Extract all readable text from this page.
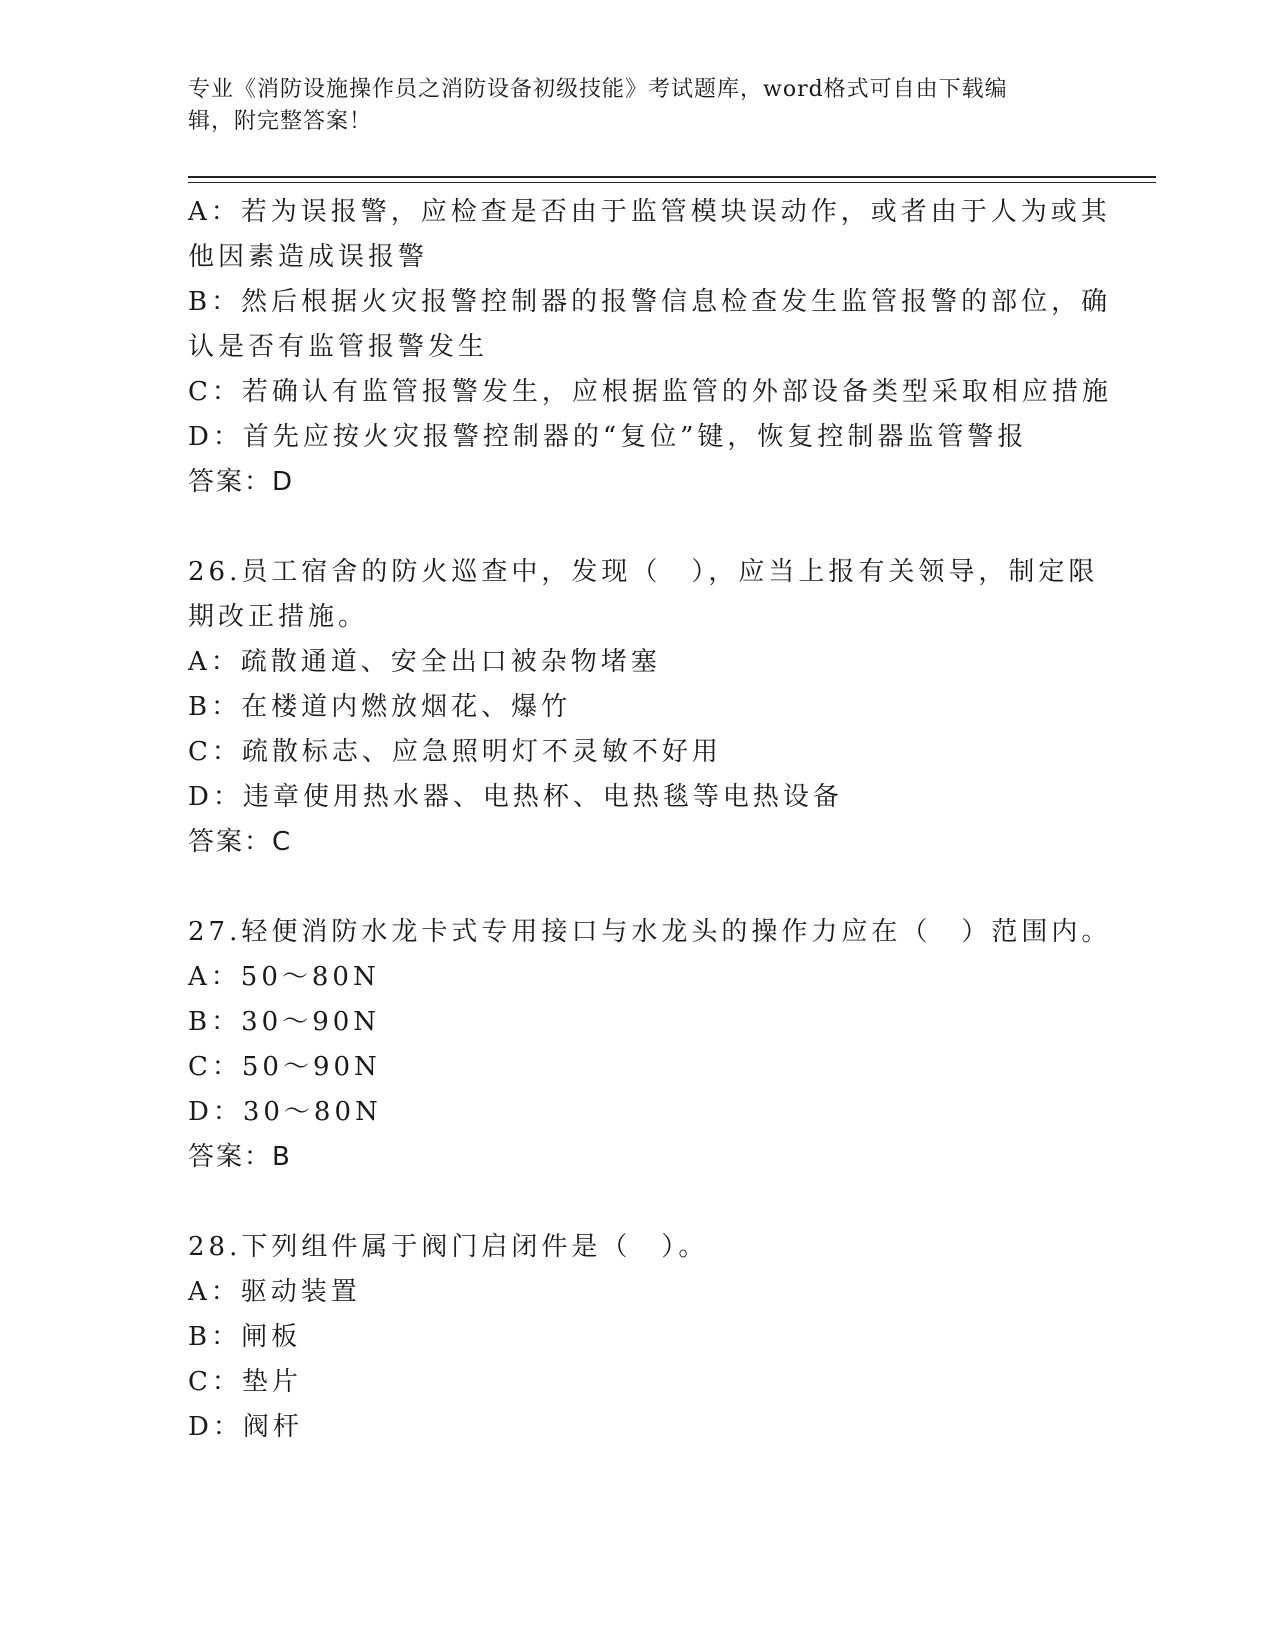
专业《消防设施操作员之消防设备初级技能》考试题库，word格式可自由下载编
辑，附完整答案！
A：若为误报警，应检查是否由于监管模块误动作，或者由于人为或其
他因素造成误报警
B：然后根据火灾报警控制器的报警信息检查发生监管报警的部位，确
认是否有监管报警发生
C：若确认有监管报警发生，应根据监管的外部设备类型采取相应措施
D：首先应按火灾报警控制器的“复位”键，恢复控制器监管警报
答案：D
26.员工宿舍的防火巡查中，发现（　），应当上报有关领导，制定限
期改正措施。
A：疏散通道、安全出口被杂物堵塞
B：在楼道内燃放烟花、爆竹
C：疏散标志、应急照明灯不灵敏不好用
D：违章使用热水器、电热杯、电热毯等电热设备
答案：C
27.轻便消防水龙卡式专用接口与水龙头的操作力应在（　）范围内。
A：50～80N
B：30～90N
C：50～90N
D：30～80N
答案：B
28.下列组件属于阀门启闭件是（　）。
A：驱动装置
B：闸板
C：垫片
D：阀杆
